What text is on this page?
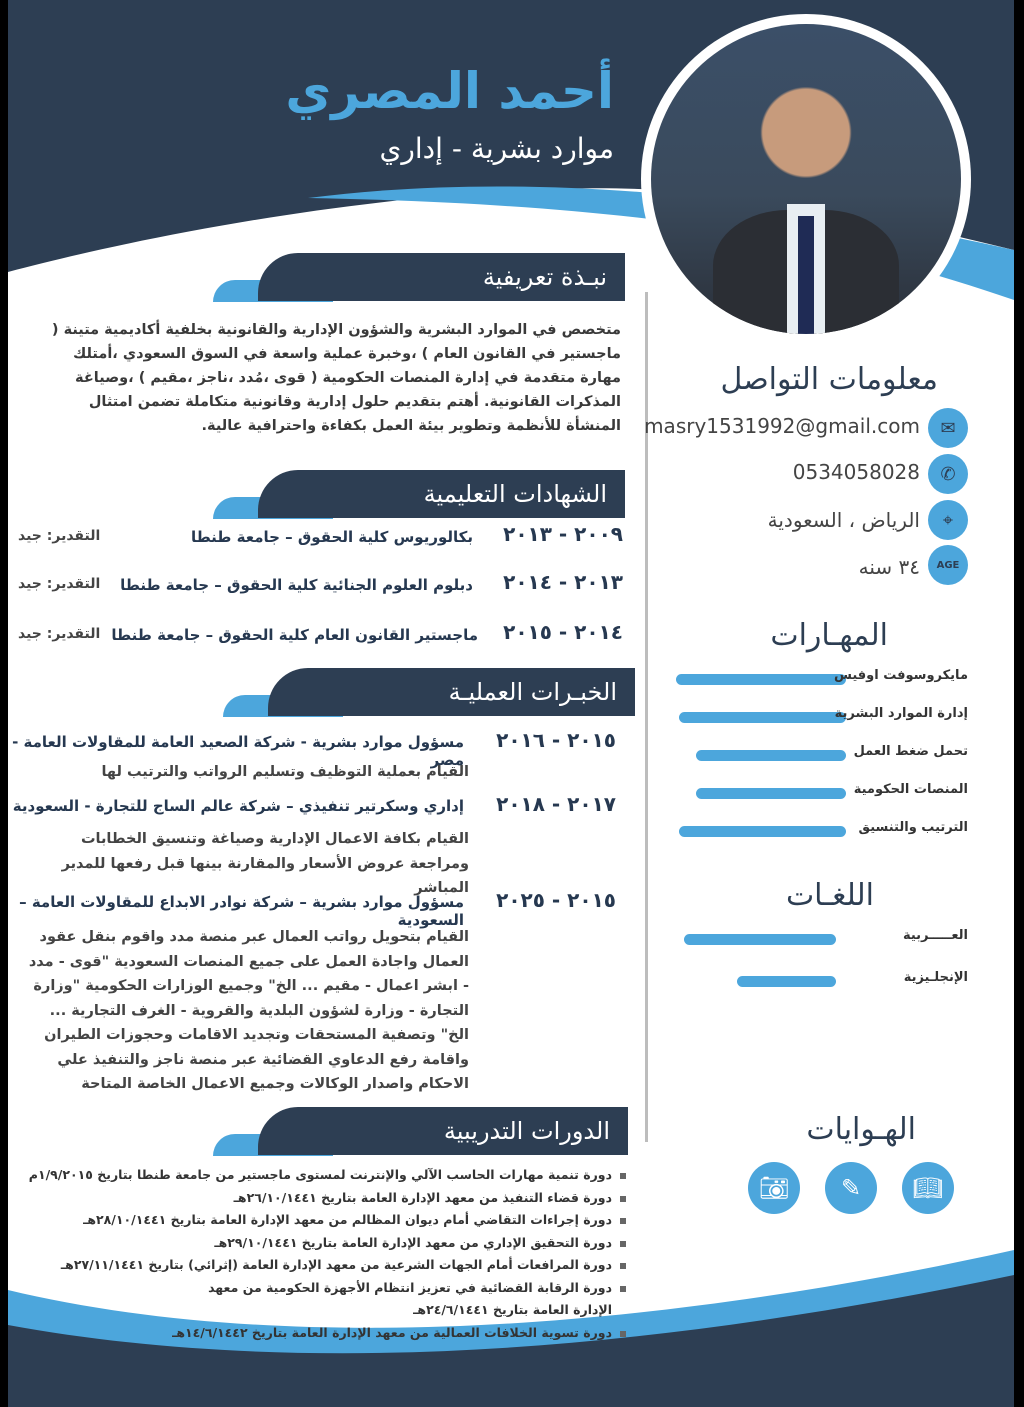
أحمد المصري
موارد بشرية - إداري
نبـذة تعريفية
متخصص في الموارد البشرية والشؤون الإدارية والقانونية بخلفية أكاديمية متينة ( ماجستير في القانون العام ) ،وخبرة عملية واسعة في السوق السعودي ،أمتلك مهارة متقدمة في إدارة المنصات الحكومية ( قوى ،مُدد ،ناجز ،مقيم ) ،وصياغة المذكرات القانونية. أهتم بتقديم حلول إدارية وقانونية متكاملة تضمن امتثال المنشأة للأنظمة وتطوير بيئة العمل بكفاءة واحترافية عالية.
الشهادات التعليمية
٢٠٠٩ - ٢٠١٣
بكالوريوس كلية الحقوق – جامعة طنطا
التقدير: جيد
٢٠١٣ - ٢٠١٤
دبلوم العلوم الجنائية كلية الحقوق – جامعة طنطا
التقدير: جيد
٢٠١٤ - ٢٠١٥
ماجستير القانون العام كلية الحقوق – جامعة طنطا
التقدير: جيد
الخبـرات العمليـة
٢٠١٥ - ٢٠١٦
مسؤول موارد بشرية - شركة الصعيد العامة للمقاولات العامة - مصر
القيام بعملية التوظيف وتسليم الرواتب والترتيب لها
٢٠١٧ - ٢٠١٨
إداري وسكرتير تنفيذي – شركة عالم الساج للتجارة - السعودية
القيام بكافة الاعمال الإدارية وصياغة وتنسيق الخطابات ومراجعة عروض الأسعار والمقارنة بينها قبل رفعها للمدير المباشر ٢٠١٥ - ٢٠٢٥
مسؤول موارد بشرية – شركة نوادر الابداع للمقاولات العامة – السعودية
القيام بتحويل رواتب العمال عبر منصة مدد واقوم بنقل عقود العمال واجادة العمل على جميع المنصات السعودية "قوى - مدد - ابشر اعمال - مقيم ... الخ" وجميع الوزارات الحكومية "وزارة التجارة - وزارة لشؤون البلدية والقروية - الغرف التجارية ... الخ" وتصفية المستحقات وتجديد الاقامات وحجوزات الطيران واقامة رفع الدعاوي القضائية عبر منصة ناجز والتنفيذ علي الاحكام واصدار الوكالات وجميع الاعمال الخاصة المتاحة
الدورات التدريبية
دورة تنمية مهارات الحاسب الآلي والإنترنت لمستوى ماجستير من جامعة طنطا بتاريخ ١/٩/٢٠١٥م
دورة قضاء التنفيذ من معهد الإدارة العامة بتاريخ ٢٦/١٠/١٤٤١هـ
دورة إجراءات التقاضي أمام ديوان المظالم من معهد الإدارة العامة بتاريخ ٢٨/١٠/١٤٤١هـ
دورة التحقيق الإداري من معهد الإدارة العامة بتاريخ ٢٩/١٠/١٤٤١هـ
دورة المرافعات أمام الجهات الشرعية من معهد الإدارة العامة (إثرائي) بتاريخ ٢٧/١١/١٤٤١هـ
دورة الرقابة القضائية في تعزيز انتظام الأجهزة الحكومية من معهد الإدارة العامة بتاريخ ٢٤/٦/١٤٤١هـ
دورة تسوية الخلافات العمالية من معهد الإدارة العامة بتاريخ ١٤/٦/١٤٤٢هـ
معلومات التواصل
✉
masry1531992@gmail.com
✆
0534058028
⌖
الرياض ، السعودية
AGE
٣٤ سنه
المهـارات
مايكروسوفت اوفيس
إدارة الموارد البشرية
تحمل ضغط العمل
المنصات الحكومية
الترتيب والتنسيق
اللغـات
العـــــربية
الإنجلـيزية
الهـوايات
📷︎	✎	📖︎
